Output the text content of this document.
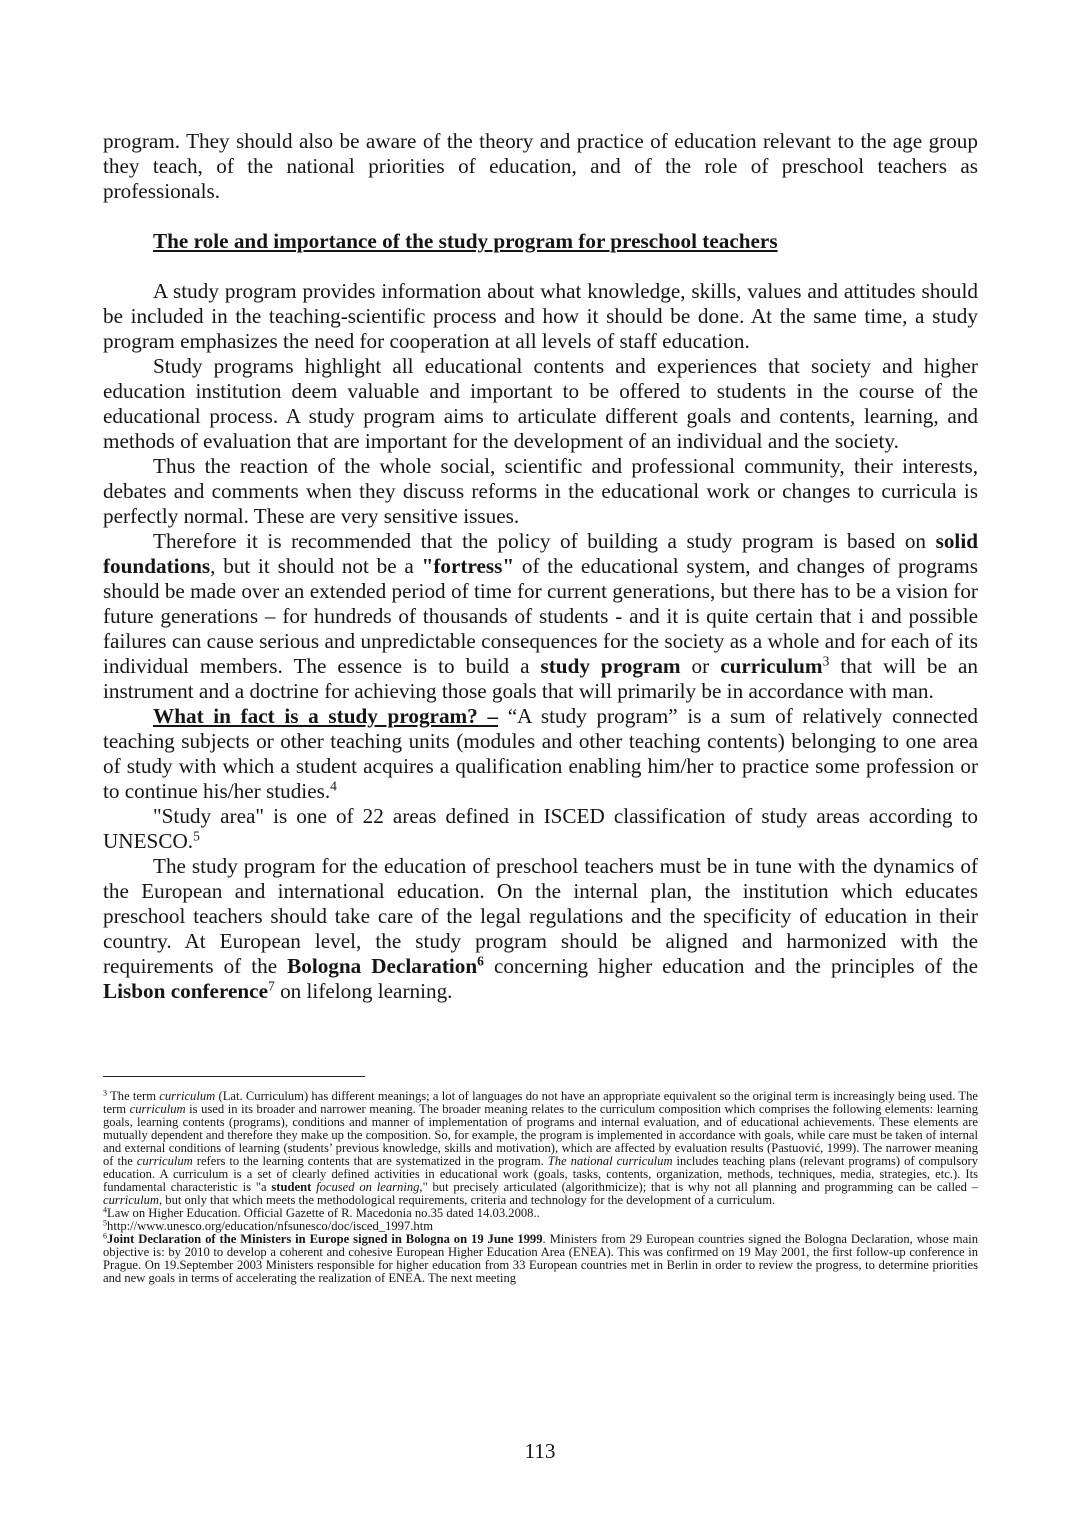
program. They should also be aware of the theory and practice of education relevant to the age group they teach, of the national priorities of education, and of the role of preschool teachers as professionals.

The role and importance of the study program for preschool teachers

A study program provides information about what knowledge, skills, values and attitudes should be included in the teaching-scientific process and how it should be done. At the same time, a study program emphasizes the need for cooperation at all levels of staff education.

Study programs highlight all educational contents and experiences that society and higher education institution deem valuable and important to be offered to students in the course of the educational process. A study program aims to articulate different goals and contents, learning, and methods of evaluation that are important for the development of an individual and the society.

Thus the reaction of the whole social, scientific and professional community, their interests, debates and comments when they discuss reforms in the educational work or changes to curricula is perfectly normal. These are very sensitive issues.

Therefore it is recommended that the policy of building a study program is based on solid foundations, but it should not be a "fortress" of the educational system, and changes of programs should be made over an extended period of time for current generations, but there has to be a vision for future generations – for hundreds of thousands of students - and it is quite certain that i and possible failures can cause serious and unpredictable consequences for the society as a whole and for each of its individual members. The essence is to build a study program or curriculum$^3$ that will be an instrument and a doctrine for achieving those goals that will primarily be in accordance with man.

What in fact is a study program? – “A study program” is a sum of relatively connected teaching subjects or other teaching units (modules and other teaching contents) belonging to one area of study with which a student acquires a qualification enabling him/her to practice some profession or to continue his/her studies.$^4$

"Study area" is one of 22 areas defined in ISCED classification of study areas according to UNESCO.$^5$

The study program for the education of preschool teachers must be in tune with the dynamics of the European and international education. On the internal plan, the institution which educates preschool teachers should take care of the legal regulations and the specificity of education in their country. At European level, the study program should be aligned and harmonized with the requirements of the Bologna Declaration$^6$ concerning higher education and the principles of the Lisbon conference$^7$ on lifelong learning.

$^3$ The term curriculum (Lat. Curriculum) has different meanings; a lot of languages do not have an appropriate equivalent so the original term is increasingly being used. The term curriculum is used in its broader and narrower meaning. The broader meaning relates to the curriculum composition which comprises the following elements: learning goals, learning contents (programs), conditions and manner of implementation of programs and internal evaluation, and of educational achievements. These elements are mutually dependent and therefore they make up the composition. So, for example, the program is implemented in accordance with goals, while care must be taken of internal and external conditions of learning (students’ previous knowledge, skills and motivation), which are affected by evaluation results (Pastuović, 1999). The narrower meaning of the curriculum refers to the learning contents that are systematized in the program. The national curriculum includes teaching plans (relevant programs) of compulsory education. A curriculum is a set of clearly defined activities in educational work (goals, tasks, contents, organization, methods, techniques, media, strategies, etc.). Its fundamental characteristic is "a student focused on learning," but precisely articulated (algorithmicize); that is why not all planning and programming can be called – curriculum, but only that which meets the methodological requirements, criteria and technology for the development of a curriculum.

$^4$Law on Higher Education. Official Gazette of R. Macedonia no.35 dated 14.03.2008..

$^5$http://www.unesco.org/education/nfsunesco/doc/isced_1997.htm

$^6$Joint Declaration of the Ministers in Europe signed in Bologna on 19 June 1999. Ministers from 29 European countries signed the Bologna Declaration, whose main objective is: by 2010 to develop a coherent and cohesive European Higher Education Area (ENEA). This was confirmed on 19 May 2001, the first follow-up conference in Prague. On 19.September 2003 Ministers responsible for higher education from 33 European countries met in Berlin in order to review the progress, to determine priorities and new goals in terms of accelerating the realization of ENEA. The next meeting

113
